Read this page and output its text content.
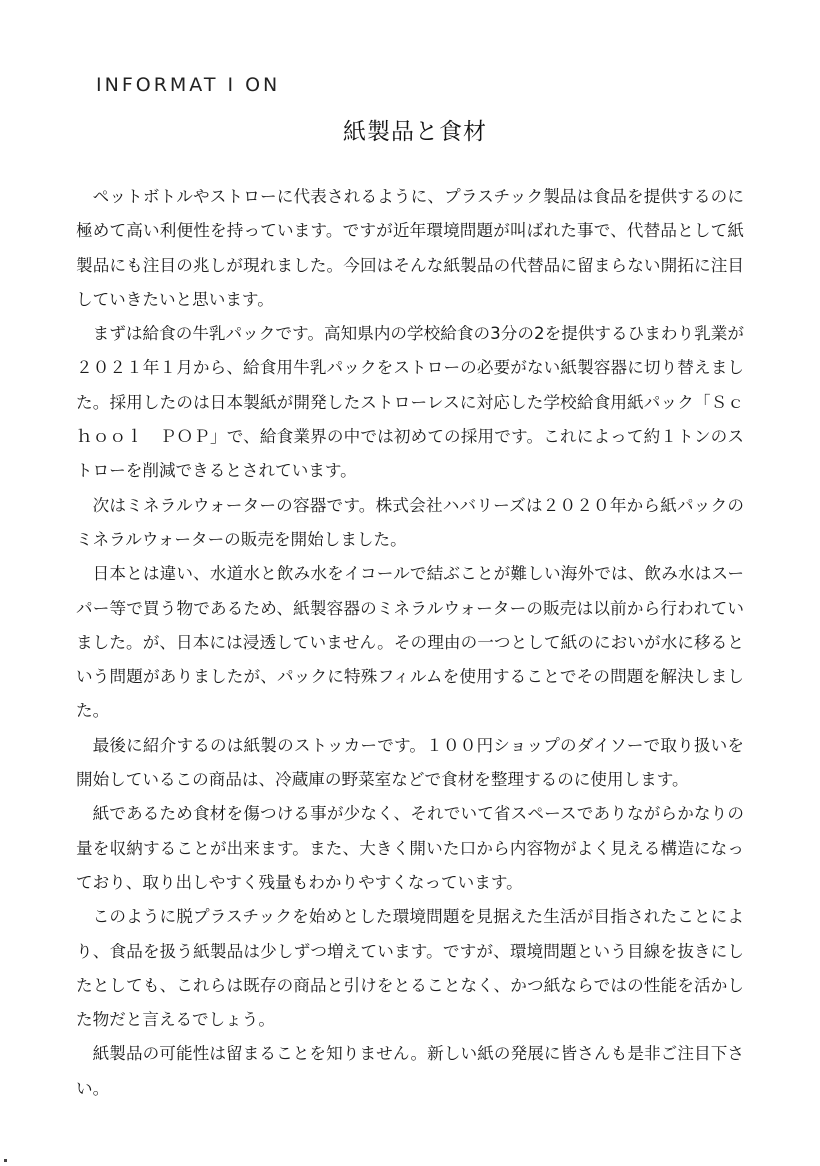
INFORMAT I ON
紙製品と食材

ペットボトルやストローに代表されるように、プラスチック製品は食品を提供するのに極めて高い利便性を持っています。ですが近年環境問題が叫ばれた事で、代替品として紙製品にも注目の兆しが現れました。今回はそんな紙製品の代替品に留まらない開拓に注目していきたいと思います。

まずは給食の牛乳パックです。高知県内の学校給食の3分の2を提供するひまわり乳業が２０２１年１月から、給食用牛乳パックをストローの必要がない紙製容器に切り替えました。採用したのは日本製紙が開発したストローレスに対応した学校給食用紙パック「Ｓｃｈｏｏｌ　ＰＯＰ」で、給食業界の中では初めての採用です。これによって約１トンのストローを削減できるとされています。

次はミネラルウォーターの容器です。株式会社ハバリーズは２０２０年から紙パックのミネラルウォーターの販売を開始しました。

日本とは違い、水道水と飲み水をイコールで結ぶことが難しい海外では、飲み水はスーパー等で買う物であるため、紙製容器のミネラルウォーターの販売は以前から行われていました。が、日本には浸透していません。その理由の一つとして紙のにおいが水に移るという問題がありましたが、パックに特殊フィルムを使用することでその問題を解決しました。

最後に紹介するのは紙製のストッカーです。１００円ショップのダイソーで取り扱いを開始しているこの商品は、冷蔵庫の野菜室などで食材を整理するのに使用します。

紙であるため食材を傷つける事が少なく、それでいて省スペースでありながらかなりの量を収納することが出来ます。また、大きく開いた口から内容物がよく見える構造になっており、取り出しやすく残量もわかりやすくなっています。

このように脱プラスチックを始めとした環境問題を見据えた生活が目指されたことにより、食品を扱う紙製品は少しずつ増えています。ですが、環境問題という目線を抜きにしたとしても、これらは既存の商品と引けをとることなく、かつ紙ならではの性能を活かした物だと言えるでしょう。

紙製品の可能性は留まることを知りません。新しい紙の発展に皆さんも是非ご注目下さい。
